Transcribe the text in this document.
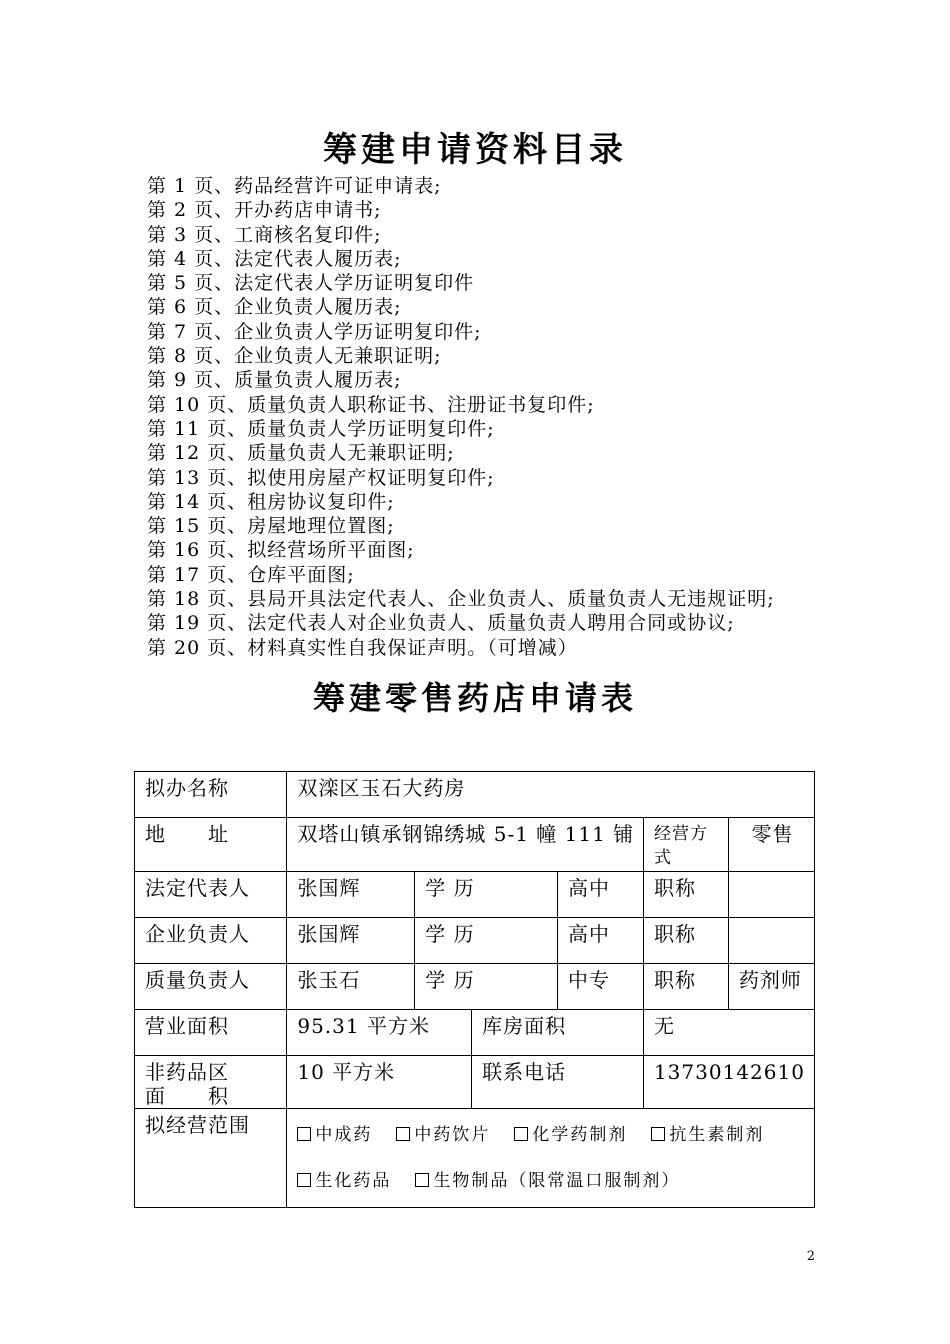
筹建申请资料目录
第 1 页、药品经营许可证申请表;
第 2 页、开办药店申请书;
第 3 页、工商核名复印件;
第 4 页、法定代表人履历表;
第 5 页、法定代表人学历证明复印件
第 6 页、企业负责人履历表;
第 7 页、企业负责人学历证明复印件;
第 8 页、企业负责人无兼职证明;
第 9 页、质量负责人履历表;
第 10 页、质量负责人职称证书、注册证书复印件;
第 11 页、质量负责人学历证明复印件;
第 12 页、质量负责人无兼职证明;
第 13 页、拟使用房屋产权证明复印件;
第 14 页、租房协议复印件;
第 15 页、房屋地理位置图;
第 16 页、拟经营场所平面图;
第 17 页、仓库平面图;
第 18 页、县局开具法定代表人、企业负责人、质量负责人无违规证明;
第 19 页、法定代表人对企业负责人、质量负责人聘用合同或协议;
第 20 页、材料真实性自我保证声明。（可增减）
筹建零售药店申请表
拟办名称	双滦区玉石大药房					
地　　址	双塔山镇承钢锦绣城 5-1 幢 111 铺				经营方式	零售
法定代表人	张国辉	学 历		高中	职称	
企业负责人	张国辉	学 历		高中	职称	
质量负责人	张玉石	学 历		中专	职称	药剂师
营业面积	95.31 平方米		库房面积		无	

非药品区
面　　积	10 平方米		联系电话		13730142610	
拟经营范围	中成药 中药饮片 化学药制剂 抗生素制剂
生化药品 生物制品（限常温口服制剂）					
2
